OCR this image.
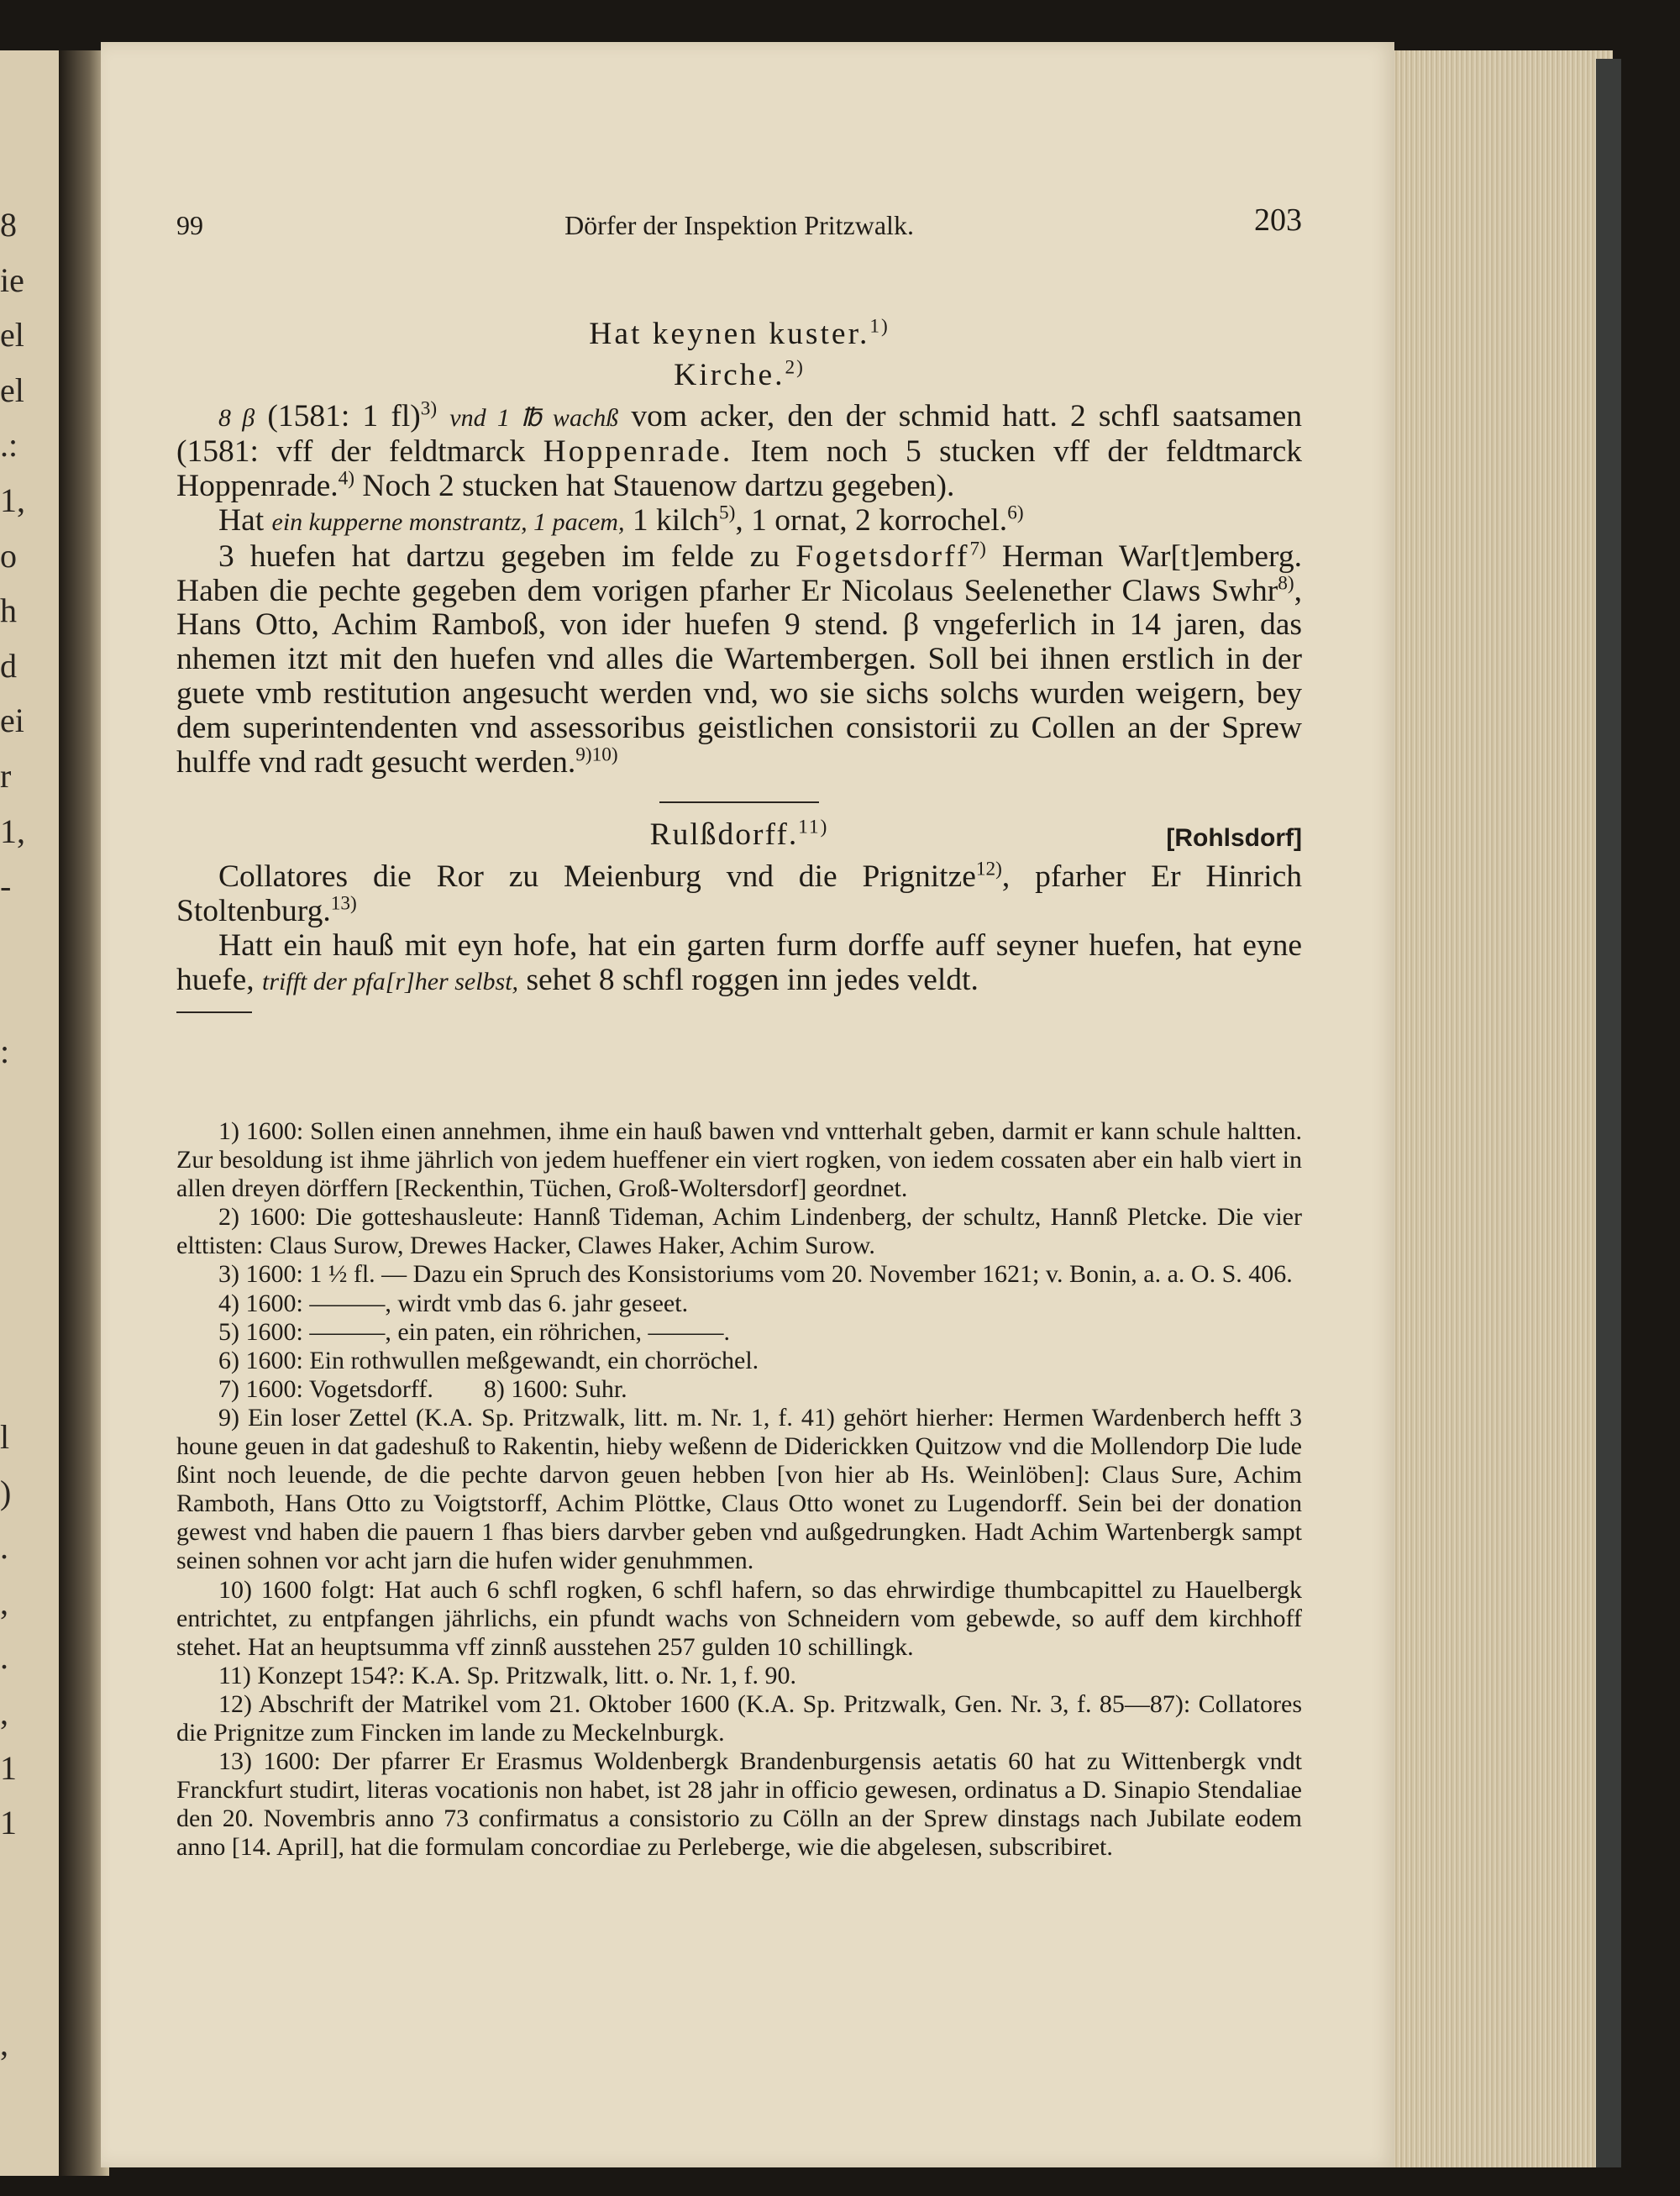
8
ie
el
el
.:
1,
o
h
d
ei
r
1,
-
:
l
)
.
,
.
,
1
1
,
99	Dörfer der Inspektion Pritzwalk.	203

Hat keynen kuster.$^{1)}$

Kirche.$^{2)}$

8 β (1581: 1 fl)$^{3)}$ vnd 1 ℔ wachß vom acker, den der schmid hatt. 2 schfl saatsamen (1581: vff der feldtmarck Hoppenrade. Item noch 5 stucken vff der feldtmarck Hoppenrade.$^{4)}$ Noch 2 stucken hat Stauenow dartzu gegeben).

Hat ein kupperne monstrantz, 1 pacem, 1 kilch$^{5)}$, 1 ornat, 2 korrochel.$^{6)}$

3 huefen hat dartzu gegeben im felde zu Fogetsdorff$^{7)}$ Herman War[t]emberg. Haben die pechte gegeben dem vorigen pfarher Er Nicolaus Seelenether Claws Swhr$^{8)}$, Hans Otto, Achim Ramboß, von ider huefen 9 stend. β vngeferlich in 14 jaren, das nhemen itzt mit den huefen vnd alles die Wartembergen. Soll bei ihnen erstlich in der guete vmb restitution angesucht werden vnd, wo sie sichs solchs wurden weigern, bey dem superintendenten vnd assessoribus geistlichen consistorii zu Collen an der Sprew hulffe vnd radt gesucht werden.$^{9)10)}$

Rulßdorff.$^{11)}$	[Rohlsdorf]

Collatores die Ror zu Meienburg vnd die Prignitze$^{12)}$, pfarher Er Hinrich Stoltenburg.$^{13)}$

Hatt ein hauß mit eyn hofe, hat ein garten furm dorffe auff seyner huefen, hat eyne huefe, trifft der pfa[r]her selbst, sehet 8 schfl roggen inn jedes veldt.

1) 1600: Sollen einen annehmen, ihme ein hauß bawen vnd vntterhalt geben, darmit er kann schule haltten. Zur besoldung ist ihme jährlich von jedem hueffener ein viert rogken, von iedem cossaten aber ein halb viert in allen dreyen dörffern [Reckenthin, Tüchen, Groß-Woltersdorf] geordnet.

2) 1600: Die gotteshausleute: Hannß Tideman, Achim Lindenberg, der schultz, Hannß Pletcke. Die vier elttisten: Claus Surow, Drewes Hacker, Clawes Haker, Achim Surow.

3) 1600: 1 ½ fl. — Dazu ein Spruch des Konsistoriums vom 20. November 1621; v. Bonin, a. a. O. S. 406.

4) 1600: ———, wirdt vmb das 6. jahr geseet.

5) 1600: ———, ein paten, ein röhrichen, ———.

6) 1600: Ein rothwullen meßgewandt, ein chorröchel.

7) 1600: Vogetsdorff.        8) 1600: Suhr.

9) Ein loser Zettel (K.A. Sp. Pritzwalk, litt. m. Nr. 1, f. 41) gehört hierher: Hermen Wardenberch hefft 3 houne geuen in dat gadeshuß to Rakentin, hieby weßenn de Diderickken Quitzow vnd die Mollendorp Die lude ßint noch leuende, de die pechte darvon geuen hebben [von hier ab Hs. Weinlöben]: Claus Sure, Achim Ramboth, Hans Otto zu Voigtstorff, Achim Plöttke, Claus Otto wonet zu Lugendorff. Sein bei der donation gewest vnd haben die pauern 1 fhas biers darvber geben vnd außgedrungken. Hadt Achim Wartenbergk sampt seinen sohnen vor acht jarn die hufen wider genuhmmen.

10) 1600 folgt: Hat auch 6 schfl rogken, 6 schfl hafern, so das ehrwirdige thumbcapittel zu Hauelbergk entrichtet, zu entpfangen jährlichs, ein pfundt wachs von Schneidern vom gebewde, so auff dem kirchhoff stehet. Hat an heuptsumma vff zinnß ausstehen 257 gulden 10 schillingk.

11) Konzept 154?: K.A. Sp. Pritzwalk, litt. o. Nr. 1, f. 90.

12) Abschrift der Matrikel vom 21. Oktober 1600 (K.A. Sp. Pritzwalk, Gen. Nr. 3, f. 85—87): Collatores die Prignitze zum Fincken im lande zu Meckelnburgk.

13) 1600: Der pfarrer Er Erasmus Woldenbergk Brandenburgensis aetatis 60 hat zu Wittenbergk vndt Franckfurt studirt, literas vocationis non habet, ist 28 jahr in officio gewesen, ordinatus a D. Sinapio Stendaliae den 20. Novembris anno 73 confirmatus a consistorio zu Cölln an der Sprew dinstags nach Jubilate eodem anno [14. April], hat die formulam concordiae zu Perleberge, wie die abgelesen, subscribiret.
